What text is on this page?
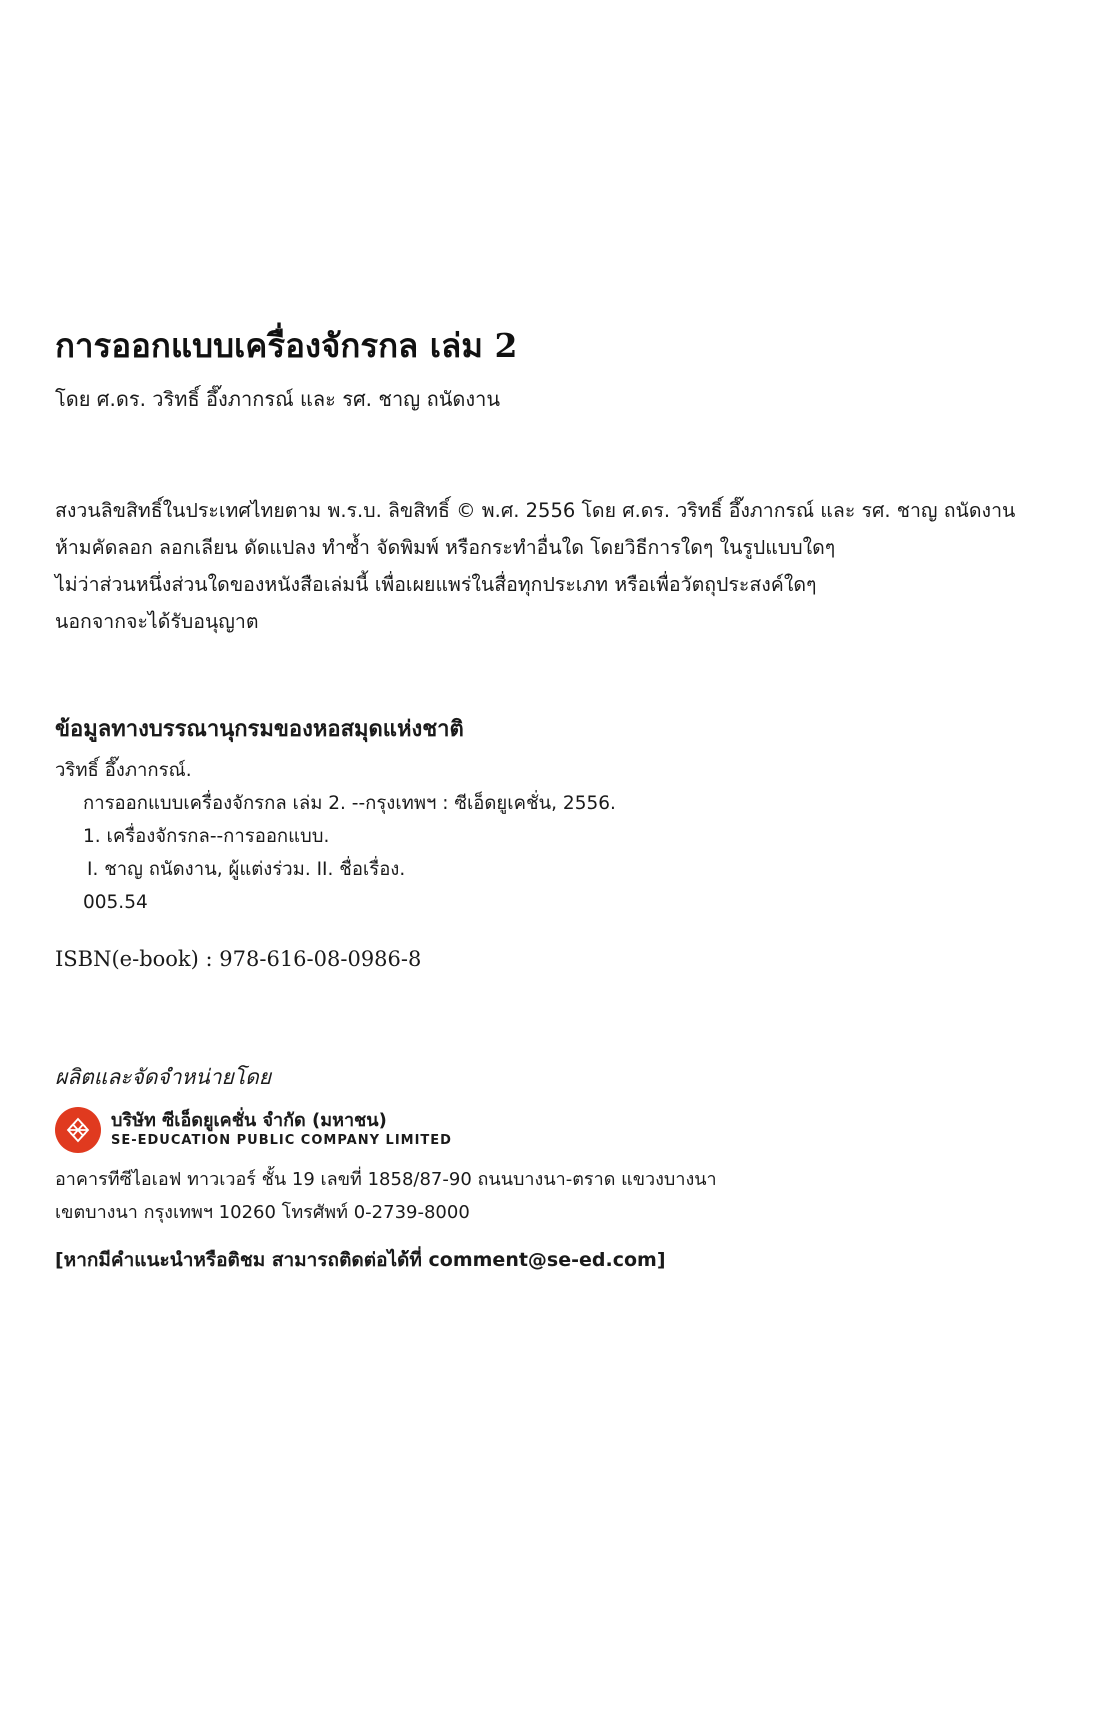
การออกแบบเครื่องจักรกล เล่ม 2
โดย ศ.ดร. วริทธิ์ อึ๊งภากรณ์ และ รศ. ชาญ ถนัดงาน
สงวนลิขสิทธิ์ในประเทศไทยตาม พ.ร.บ. ลิขสิทธิ์ © พ.ศ. 2556 โดย ศ.ดร. วริทธิ์ อึ๊งภากรณ์ และ รศ. ชาญ ถนัดงาน
ห้ามคัดลอก ลอกเลียน ดัดแปลง ทำซ้ำ จัดพิมพ์ หรือกระทำอื่นใด โดยวิธีการใดๆ ในรูปแบบใดๆ
ไม่ว่าส่วนหนึ่งส่วนใดของหนังสือเล่มนี้ เพื่อเผยแพร่ในสื่อทุกประเภท หรือเพื่อวัตถุประสงค์ใดๆ
นอกจากจะได้รับอนุญาต
ข้อมูลทางบรรณานุกรมของหอสมุดแห่งชาติ
วริทธิ์ อึ๊งภากรณ์.
การออกแบบเครื่องจักรกล เล่ม 2. --กรุงเทพฯ : ซีเอ็ดยูเคชั่น, 2556.
1. เครื่องจักรกล--การออกแบบ.
I. ชาญ ถนัดงาน, ผู้แต่งร่วม. II. ชื่อเรื่อง.
005.54
ISBN(e-book) : 978-616-08-0986-8
ผลิตและจัดจำหน่ายโดย
บริษัท ซีเอ็ดยูเคชั่น จำกัด (มหาชน)
SE-EDUCATION PUBLIC COMPANY LIMITED
อาคารทีซีไอเอฟ ทาวเวอร์ ชั้น 19 เลขที่ 1858/87-90 ถนนบางนา-ตราด แขวงบางนา
เขตบางนา กรุงเทพฯ 10260 โทรศัพท์ 0-2739-8000
[หากมีคำแนะนำหรือติชม สามารถติดต่อได้ที่ comment@se-ed.com]
